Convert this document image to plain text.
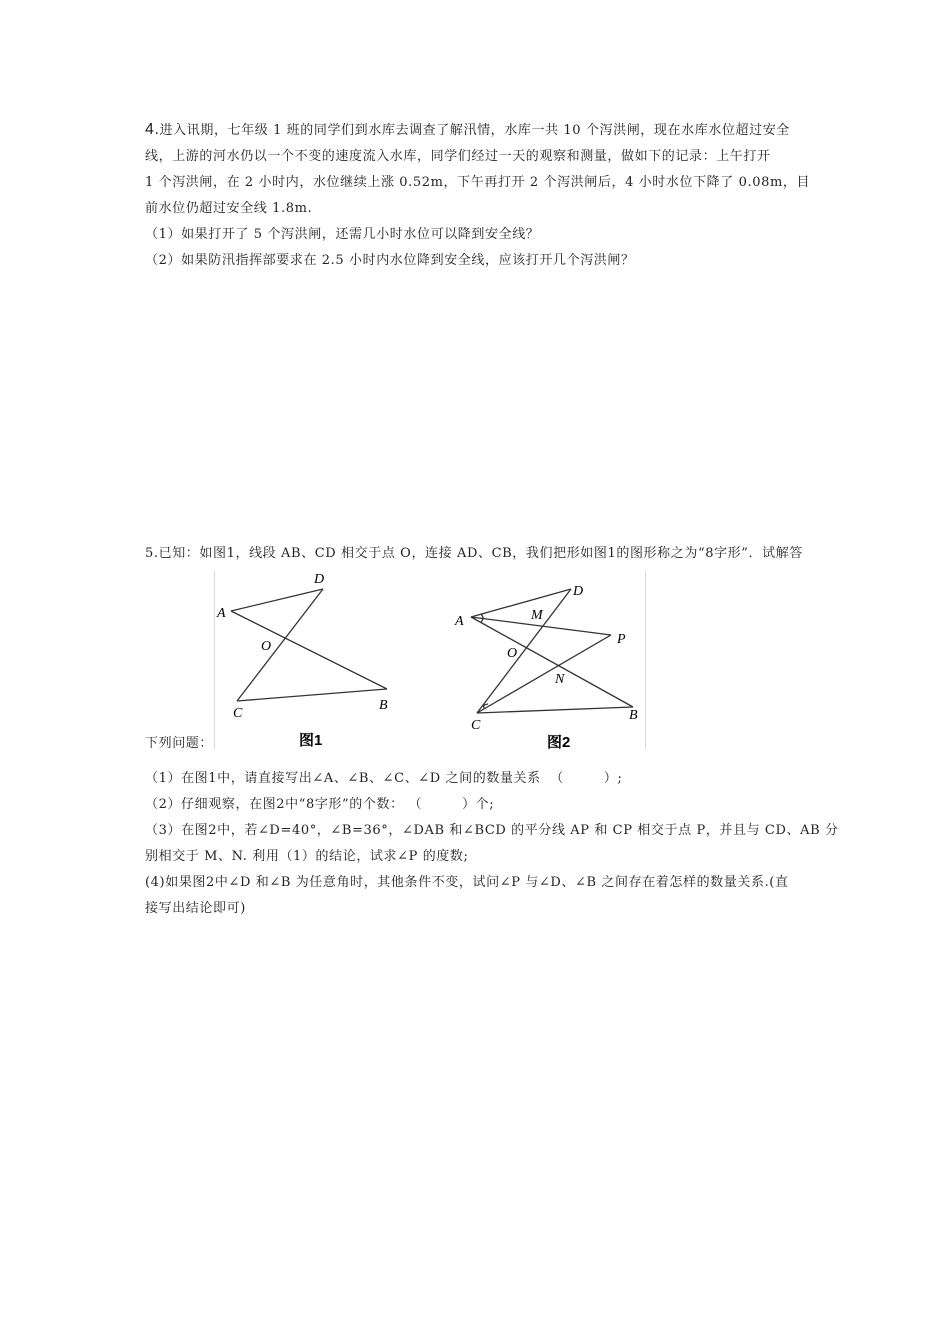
4.进入讯期，七年级 1 班的同学们到水库去调查了解汛情，水库一共 10 个泻洪闸，现在水库水位超过安全
线，上游的河水仍以一个不变的速度流入水库，同学们经过一天的观察和测量，做如下的记录：上午打开
1 个泻洪闸，在 2 小时内，水位继续上涨 0.52m，下午再打开 2 个泻洪闸后，4 小时水位下降了 0.08m，目
前水位仍超过安全线 1.8m.
（1）如果打开了 5 个泻洪闸，还需几小时水位可以降到安全线？
（2）如果防汛指挥部要求在 2.5 小时内水位降到安全线，应该打开几个泻洪闸？
5.已知：如图1，线段 AB、CD 相交于点 O，连接 AD、CB，我们把形如图1的图形称之为“8字形”．试解答
A
D
O
C
B
图1
A	M
D
O
P
N
C
B
图2
下列问题：
（1）在图1中，请直接写出∠A、∠B、∠C、∠D 之间的数量关系 （	）;
（2）仔细观察，在图2中“8字形”的个数： （	）个;
（3）在图2中，若∠D=40°，∠B=36°，∠DAB 和∠BCD 的平分线 AP 和 CP 相交于点 P，并且与 CD、AB 分
别相交于 M、N. 利用（1）的结论，试求∠P 的度数;
(4)如果图2中∠D 和∠B 为任意角时，其他条件不变，试问∠P 与∠D、∠B 之间存在着怎样的数量关系.(直
接写出结论即可)
